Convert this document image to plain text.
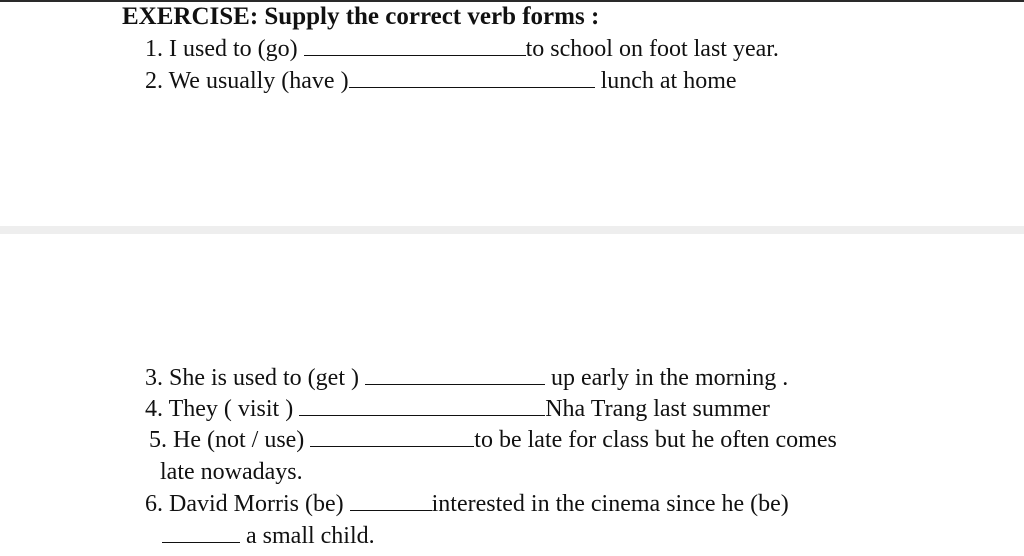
EXERCISE: Supply the correct verb forms :
1. I used to (go)	to school on foot last year.
2. We usually (have )	lunch at home
3. She is used to (get )	up early in the morning .
4. They ( visit )	Nha Trang last summer
5. He (not / use)	to be late for class but he often comes
late nowadays.
6. David Morris (be)	interested in the cinema since he (be)
a small child.
